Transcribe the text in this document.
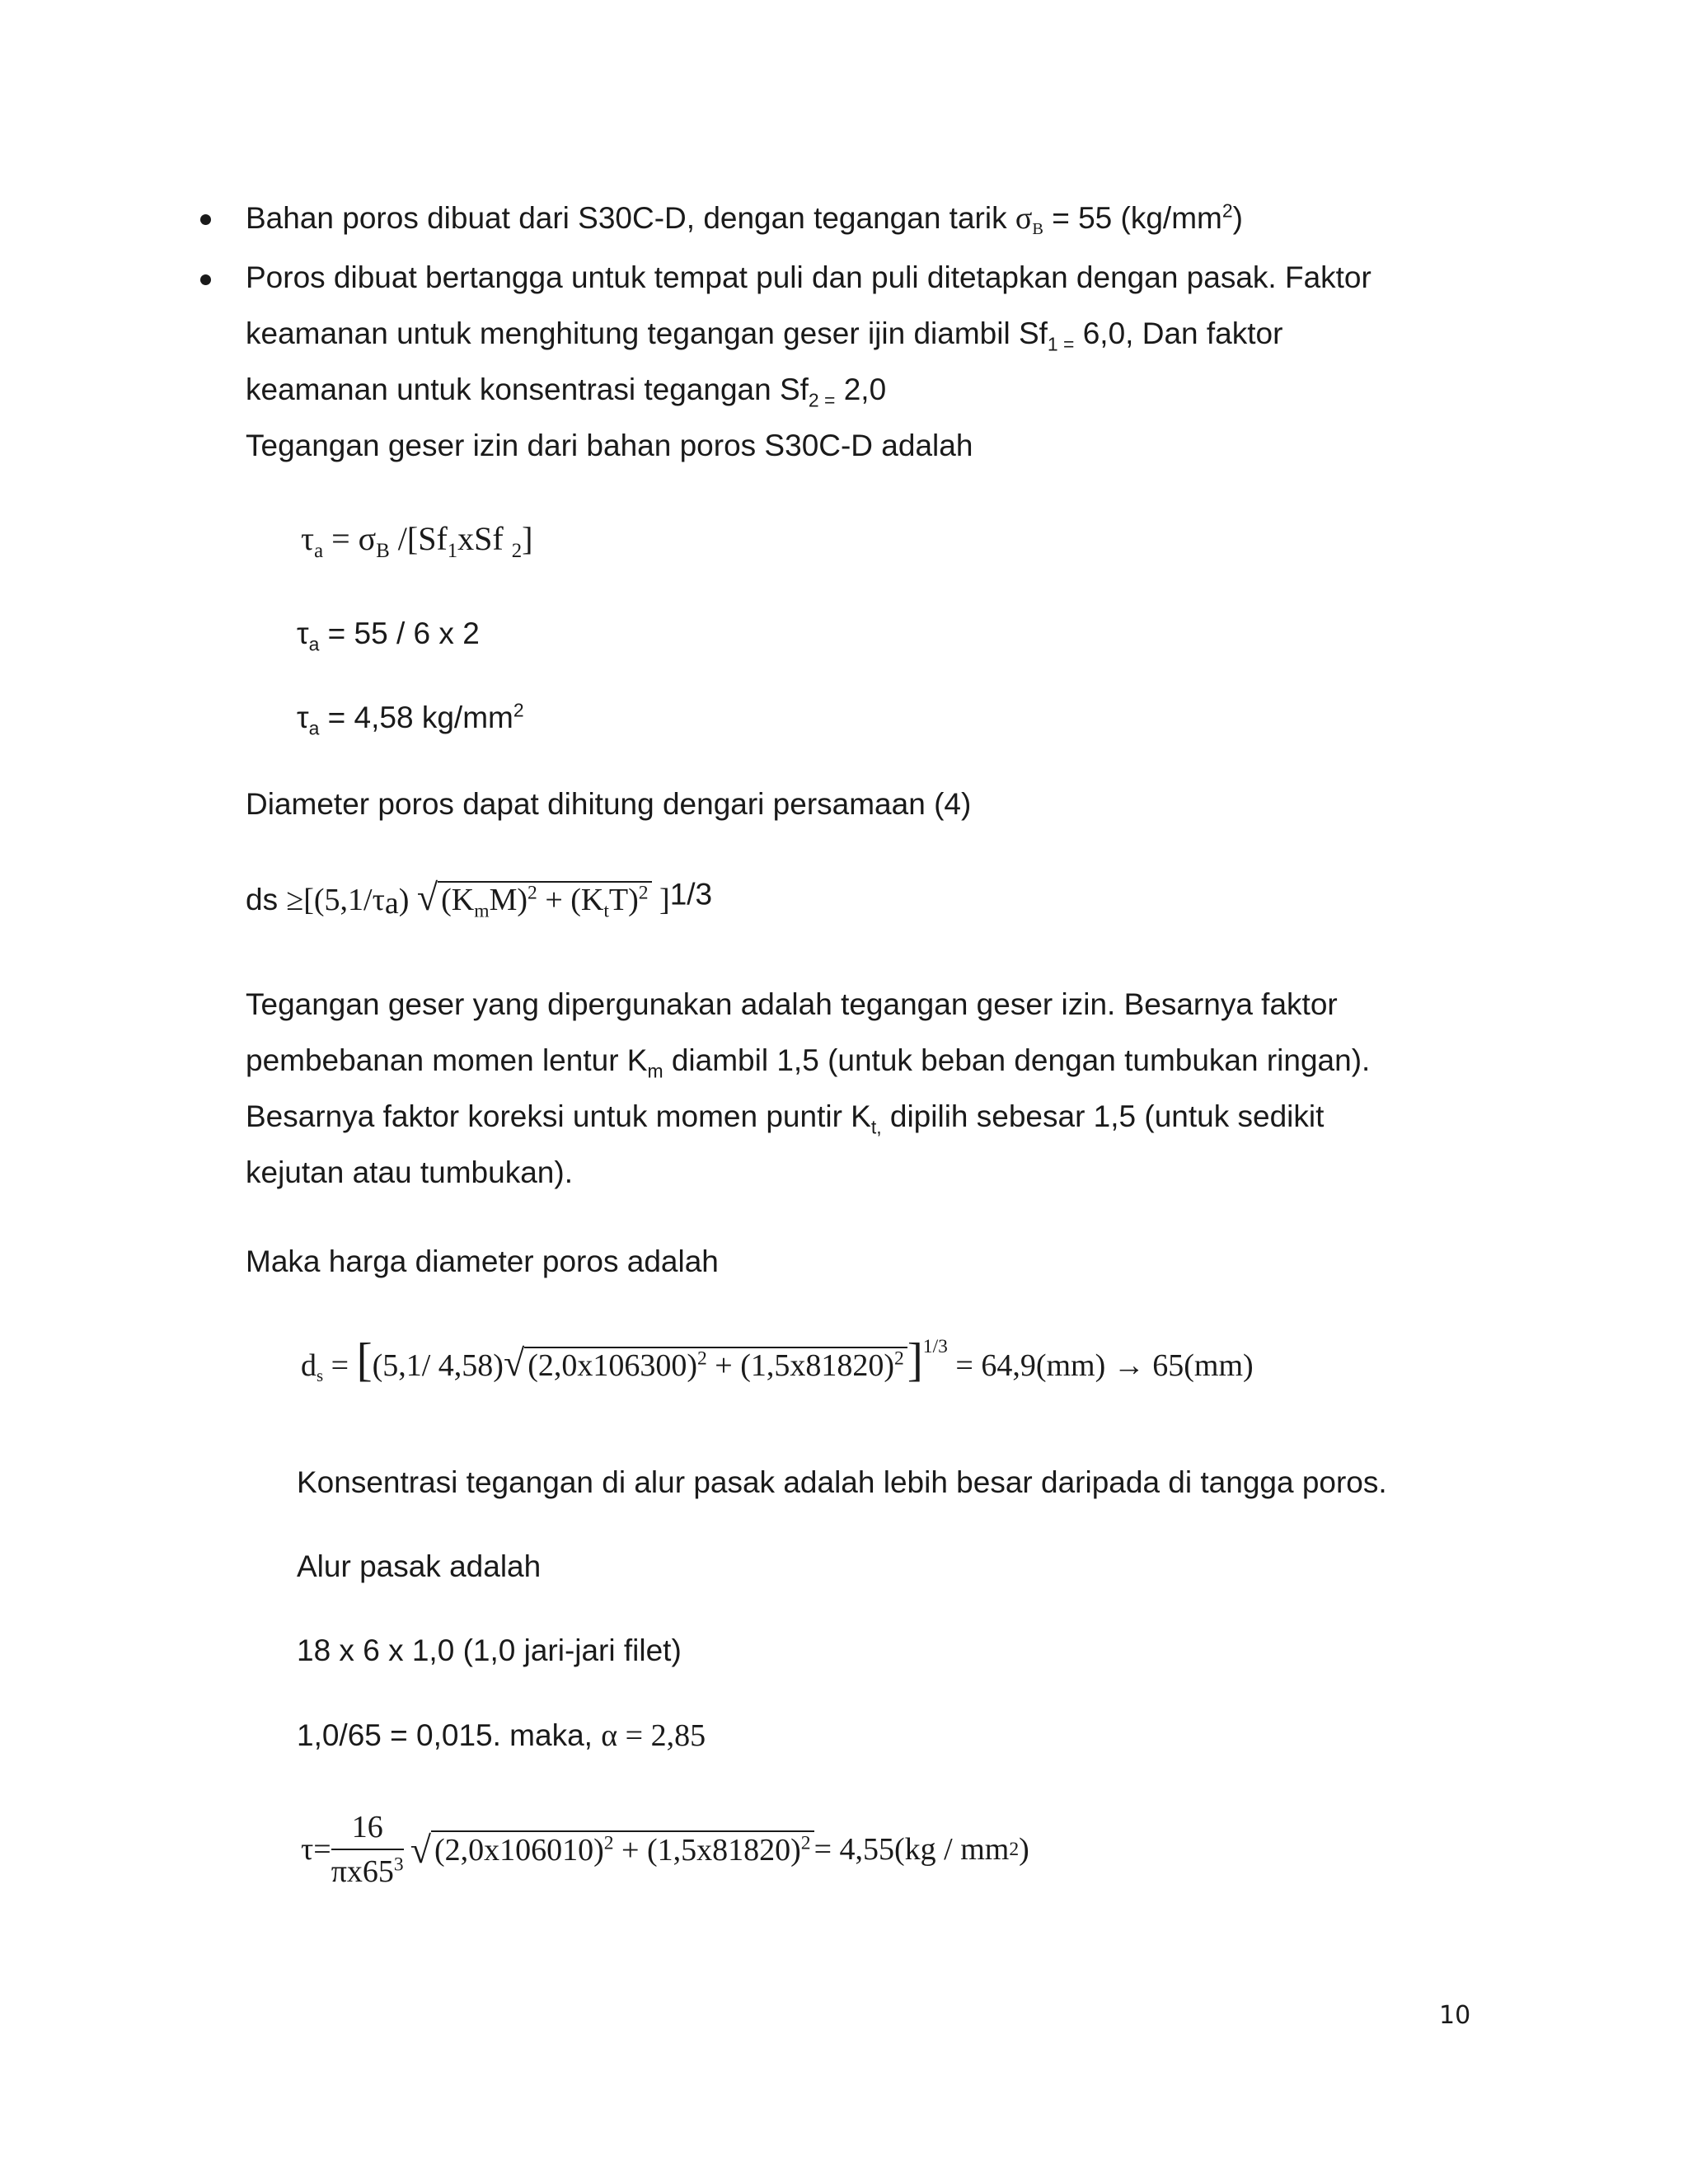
Bahan poros dibuat dari S30C-D, dengan tegangan tarik σB = 55 $(kg/mm^2)$
Poros dibuat bertangga untuk tempat puli dan puli ditetapkan dengan pasak. Faktor
keamanan untuk menghitung tegangan geser ijin diambil $Sf_{1 =}$ 6,0, Dan faktor
keamanan untuk konsentrasi tegangan $Sf_{2 =}$ 2,0
Tegangan geser izin dari bahan poros S30C-D adalah
$\tau_a = \sigma_B$ $/[Sf_1xSf$ $_2$]
$\tau_a = 55 / 6$ x 2
$\tau_a = 4,58$ $kg/mm^2$
Diameter poros dapat dihitung dengari persamaan (4)
ds $\ge[(5,1/\tau_a)$ √ $(K_mM)^2 + (K_tT)^2$ ]$^{1/3}$
Tegangan geser yang dipergunakan adalah tegangan geser izin. Besarnya faktor
pembebanan momen lentur $K_m$ diambil 1,5 (untuk beban dengan tumbukan ringan).
Besarnya faktor koreksi untuk momen puntir $K_{t,}$ dipilih sebesar 1,5 (untuk sedikit
kejutan atau tumbukan).
Maka harga diameter poros adalah
ds = [(5,1/ 4,58)√ $(2,0x106300)^2 + (1,5x81820)^2]^{1/3} = 64,9(mm) \to 65(mm)$
Konsentrasi tegangan di alur pasak adalah lebih besar daripada di tangga poros.
Alur pasak adalah
18 x 6 x 1,0 (1,0 jari-jari filet)
1,0/65 = 0,015. maka, α = 2,85
$\tau = \frac{16}{\pi x65^3}$ √ $(2,0x106010)^2 + (1,5x81820)^2 = 4,55(kg$ / mm 2 )
10
